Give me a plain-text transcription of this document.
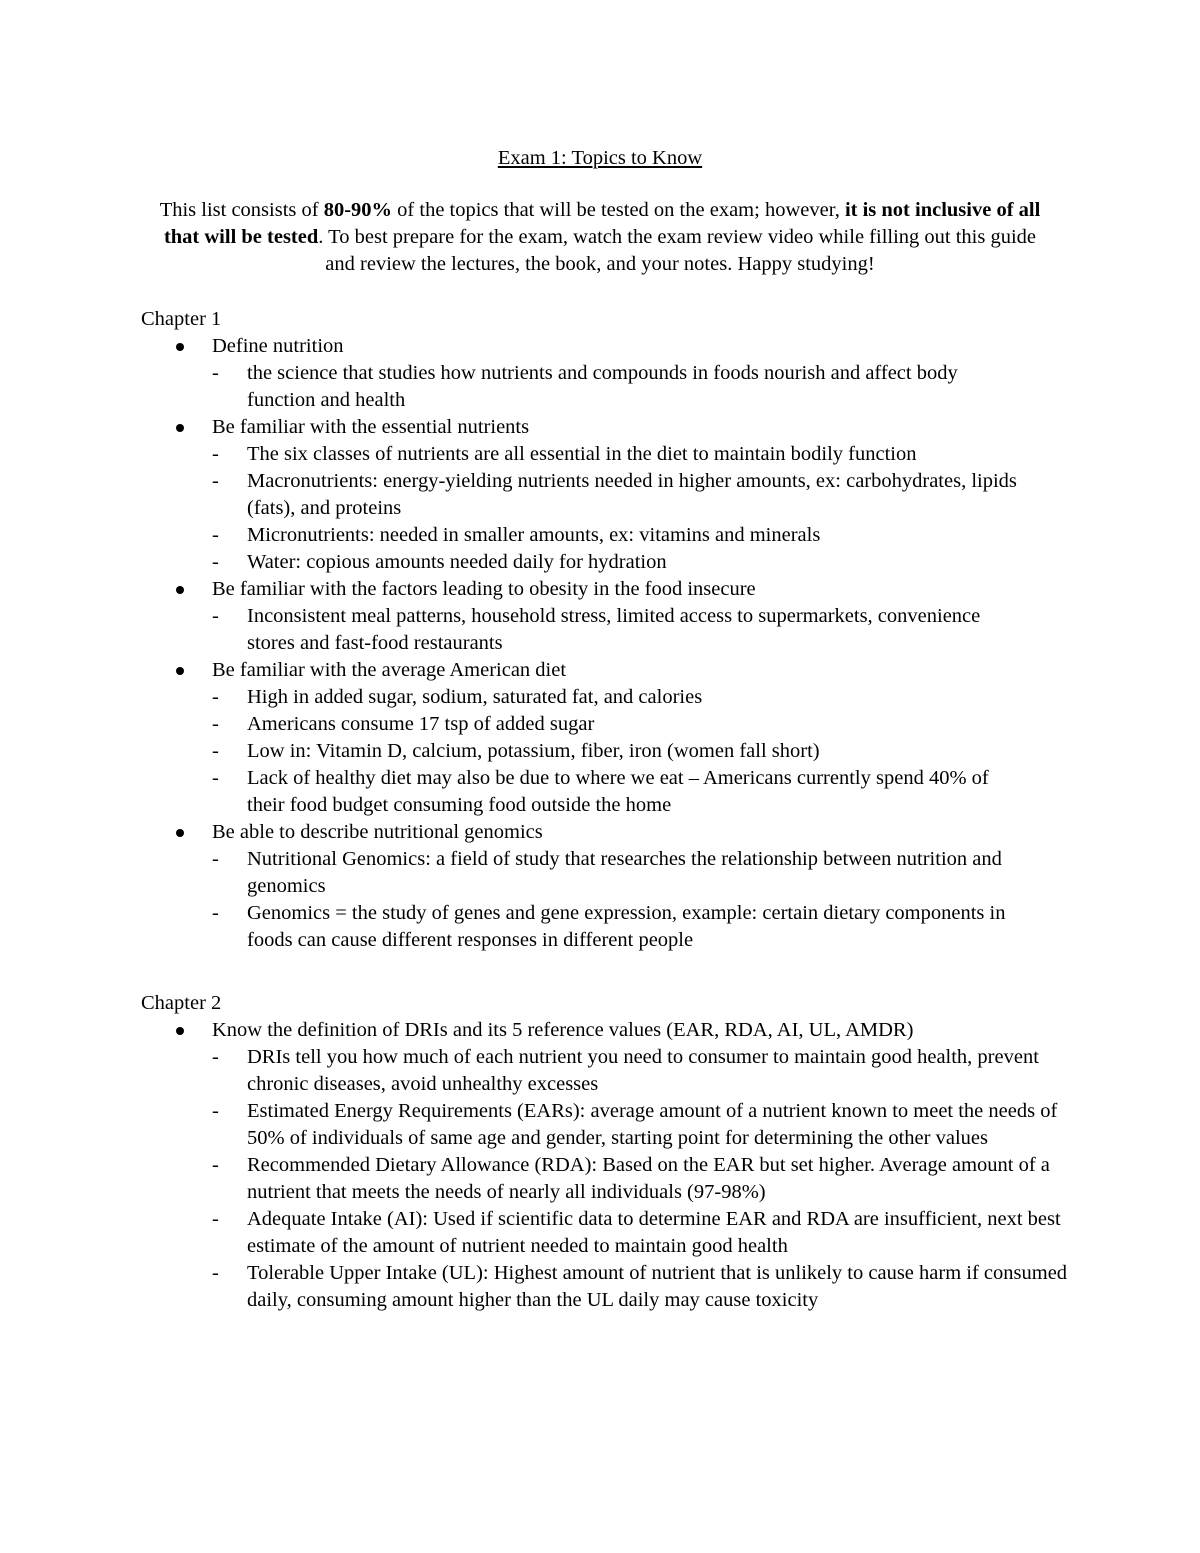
Exam 1: Topics to Know
This list consists of 80-90% of the topics that will be tested on the exam; however, it is not inclusive of all that will be tested. To best prepare for the exam, watch the exam review video while filling out this guide and review the lectures, the book, and your notes. Happy studying!
Chapter 1
Define nutrition
- the science that studies how nutrients and compounds in foods nourish and affect body function and health
Be familiar with the essential nutrients
- The six classes of nutrients are all essential in the diet to maintain bodily function
- Macronutrients: energy-yielding nutrients needed in higher amounts, ex: carbohydrates, lipids (fats), and proteins
- Micronutrients: needed in smaller amounts, ex: vitamins and minerals
- Water: copious amounts needed daily for hydration
Be familiar with the factors leading to obesity in the food insecure
- Inconsistent meal patterns, household stress, limited access to supermarkets, convenience stores and fast-food restaurants
Be familiar with the average American diet
- High in added sugar, sodium, saturated fat, and calories
- Americans consume 17 tsp of added sugar
- Low in: Vitamin D, calcium, potassium, fiber, iron (women fall short)
- Lack of healthy diet may also be due to where we eat – Americans currently spend 40% of their food budget consuming food outside the home
Be able to describe nutritional genomics
- Nutritional Genomics: a field of study that researches the relationship between nutrition and genomics
- Genomics = the study of genes and gene expression, example: certain dietary components in foods can cause different responses in different people
Chapter 2
Know the definition of DRIs and its 5 reference values (EAR, RDA, AI, UL, AMDR)
- DRIs tell you how much of each nutrient you need to consumer to maintain good health, prevent chronic diseases, avoid unhealthy excesses
- Estimated Energy Requirements (EARs): average amount of a nutrient known to meet the needs of 50% of individuals of same age and gender, starting point for determining the other values
- Recommended Dietary Allowance (RDA): Based on the EAR but set higher. Average amount of a nutrient that meets the needs of nearly all individuals (97-98%)
- Adequate Intake (AI): Used if scientific data to determine EAR and RDA are insufficient, next best estimate of the amount of nutrient needed to maintain good health
- Tolerable Upper Intake (UL): Highest amount of nutrient that is unlikely to cause harm if consumed daily, consuming amount higher than the UL daily may cause toxicity
